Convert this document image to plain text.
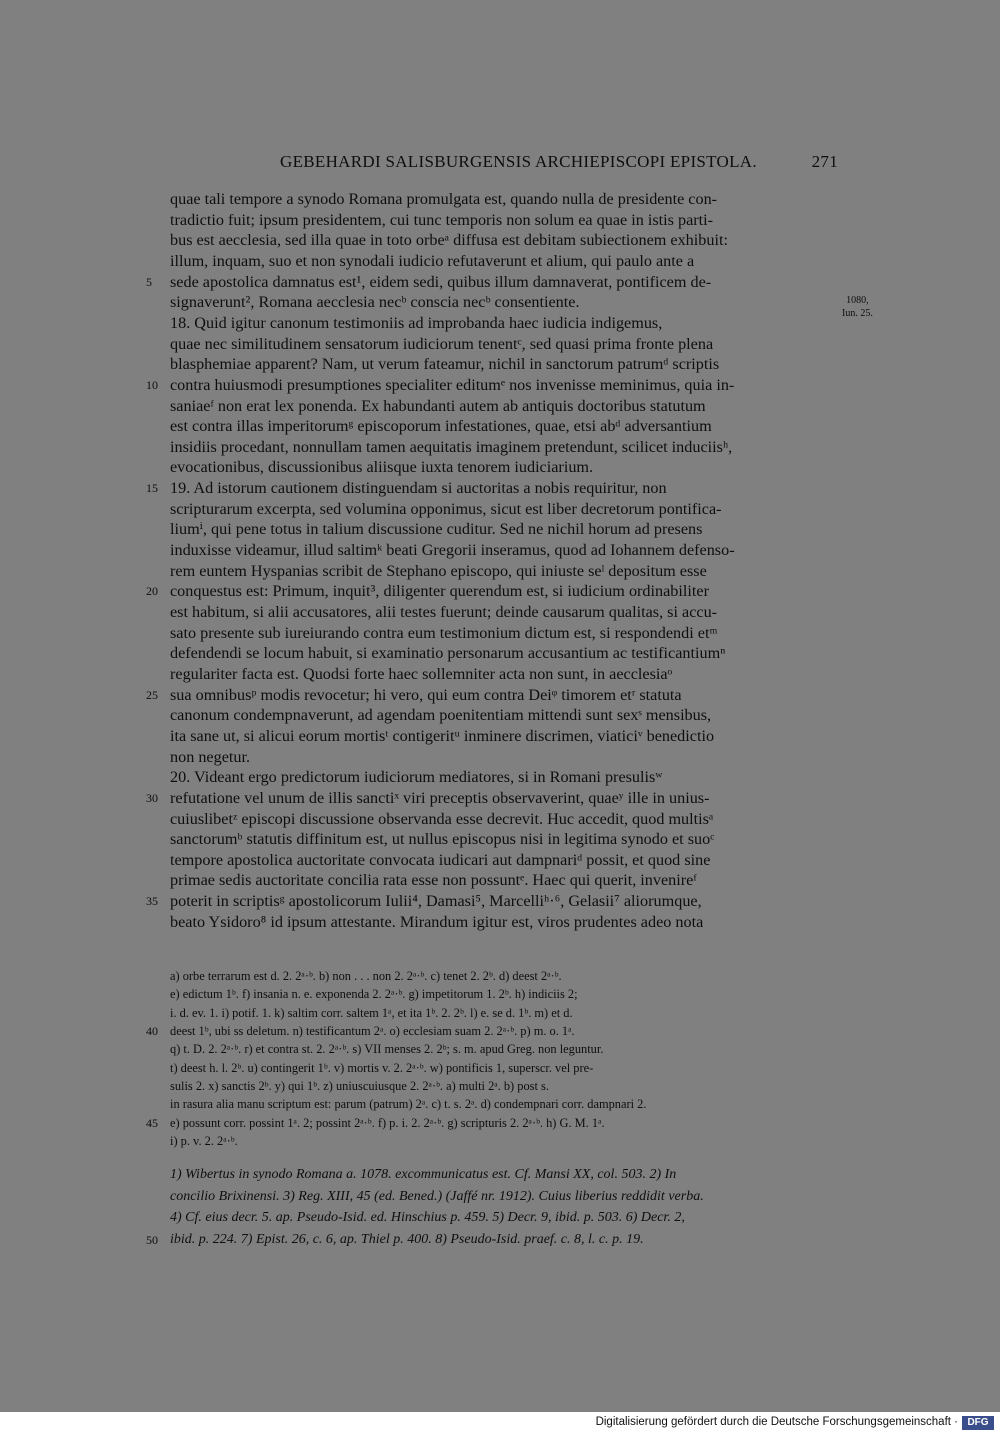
GEBEHARDI SALISBURGENSIS ARCHIEPISCOPI EPISTOLA.	271
1080,
Iun. 25.
quae tali tempore a synodo Romana promulgata est, quando nulla de presidente con-
tradictio fuit; ipsum presidentem, cui tunc temporis non solum ea quae in istis parti-
bus est aecclesia, sed illa quae in toto orbeᵃ diffusa est debitam subiectionem exhibuit:
illum, inquam, suo et non synodali iudicio refutaverunt et alium, qui paulo ante a
sede apostolica damnatus est¹, eidem sedi, quibus illum damnaverat, pontificem de-
signaverunt², Romana aecclesia necᵇ conscia necᵇ consentiente.
18. Quid igitur canonum testimoniis ad improbanda haec iudicia indigemus,
quae nec similitudinem sensatorum iudiciorum tenentᶜ, sed quasi prima fronte plena
blasphemiae apparent? Nam, ut verum fateamur, nichil in sanctorum patrumᵈ scriptis
contra huiusmodi presumptiones specialiter editumᵉ nos invenisse meminimus, quia in-
saniaeᶠ non erat lex ponenda. Ex habundanti autem ab antiquis doctoribus statutum
est contra illas imperitorumᵍ episcoporum infestationes, quae, etsi abᵈ adversantium
insidiis procedant, nonnullam tamen aequitatis imaginem pretendunt, scilicet induciisʰ,
evocationibus, discussionibus aliisque iuxta tenorem iudiciarium.
19. Ad istorum cautionem distinguendam si auctoritas a nobis requiritur, non
scripturarum excerpta, sed volumina opponimus, sicut est liber decretorum pontifica-
liumⁱ, qui pene totus in talium discussione cuditur. Sed ne nichil horum ad presens
induxisse videamur, illud saltimᵏ beati Gregorii inseramus, quod ad Iohannem defenso-
rem euntem Hyspanias scribit de Stephano episcopo, qui iniuste seˡ depositum esse
conquestus est: Primum, inquit³, diligenter querendum est, si iudicium ordinabiliter
est habitum, si alii accusatores, alii testes fuerunt; deinde causarum qualitas, si accu-
sato presente sub iureiurando contra eum testimonium dictum est, si respondendi etᵐ
defendendi se locum habuit, si examinatio personarum accusantium ac testificantiumⁿ
regulariter facta est. Quodsi forte haec sollemniter acta non sunt, in aecclesiaᵒ
sua omnibusᵖ modis revocetur; hi vero, qui eum contra Deiᵠ timorem etʳ statuta
canonum condempnaverunt, ad agendam poenitentiam mittendi sunt sexˢ mensibus,
ita sane ut, si alicui eorum mortisᵗ contigeritᵘ inminere discrimen, viaticiᵛ benedictio
non negetur.
20. Videant ergo predictorum iudiciorum mediatores, si in Romani presulisʷ
refutatione vel unum de illis sanctiˣ viri preceptis observaverint, quaeʸ ille in unius-
cuiuslibetᶻ episcopi discussione observanda esse decrevit. Huc accedit, quod multisᵃ
sanctorumᵇ statutis diffinitum est, ut nullus episcopus nisi in legitima synodo et suoᶜ
tempore apostolica auctoritate convocata iudicari aut dampnariᵈ possit, et quod sine
primae sedis auctoritate concilia rata esse non possuntᵉ. Haec qui querit, invenireᶠ
poterit in scriptisᵍ apostolicorum Iulii⁴, Damasi⁵, Marcelliʰ·⁶, Gelasii⁷ aliorumque,
beato Ysidoro⁸ id ipsum attestante. Mirandum igitur est, viros prudentes adeo nota
5
10
15
20
25
30
35
40
45
50
a) orbe terrarum est d. 2. 2ᵃ·ᵇ. b) non . . . non 2. 2ᵃ·ᵇ. c) tenet 2. 2ᵇ. d) deest 2ᵃ·ᵇ.
e) edictum 1ᵇ. f) insania n. e. exponenda 2. 2ᵃ·ᵇ. g) impetitorum 1. 2ᵇ. h) indiciis 2;
i. d. ev. 1. i) potif. 1. k) saltim corr. saltem 1ᵃ, et ita 1ᵇ. 2. 2ᵇ. l) e. se d. 1ᵇ. m) et d.
deest 1ᵇ, ubi ss deletum. n) testificantum 2ᵃ. o) ecclesiam suam 2. 2ᵃ·ᵇ. p) m. o. 1ᵃ.
q) t. D. 2. 2ᵃ·ᵇ. r) et contra st. 2. 2ᵃ·ᵇ. s) VII menses 2. 2ᵇ; s. m. apud Greg. non leguntur.
t) deest h. l. 2ᵇ. u) contingerit 1ᵇ. v) mortis v. 2. 2ᵃ·ᵇ. w) pontificis 1, superscr. vel pre-
sulis 2. x) sanctis 2ᵇ. y) qui 1ᵇ. z) uniuscuiusque 2. 2ᵃ·ᵇ. a) multi 2ᵃ. b) post s.
in rasura alia manu scriptum est: parum (patrum) 2ᵃ. c) t. s. 2ᵃ. d) condempnari corr. dampnari 2.
e) possunt corr. possint 1ᵃ. 2; possint 2ᵃ·ᵇ. f) p. i. 2. 2ᵃ·ᵇ. g) scripturis 2. 2ᵃ·ᵇ. h) G. M. 1ᵃ.
i) p. v. 2. 2ᵃ·ᵇ.
1) Wibertus in synodo Romana a. 1078. excommunicatus est. Cf. Mansi XX, col. 503. 2) In
concilio Brixinensi. 3) Reg. XIII, 45 (ed. Bened.) (Jaffé nr. 1912). Cuius liberius reddidit verba.
4) Cf. eius decr. 5. ap. Pseudo-Isid. ed. Hinschius p. 459. 5) Decr. 9, ibid. p. 503. 6) Decr. 2,
ibid. p. 224. 7) Epist. 26, c. 6, ap. Thiel p. 400. 8) Pseudo-Isid. praef. c. 8, l. c. p. 19.
Digitalisierung gefördert durch die Deutsche Forschungsgemeinschaft · DFG
